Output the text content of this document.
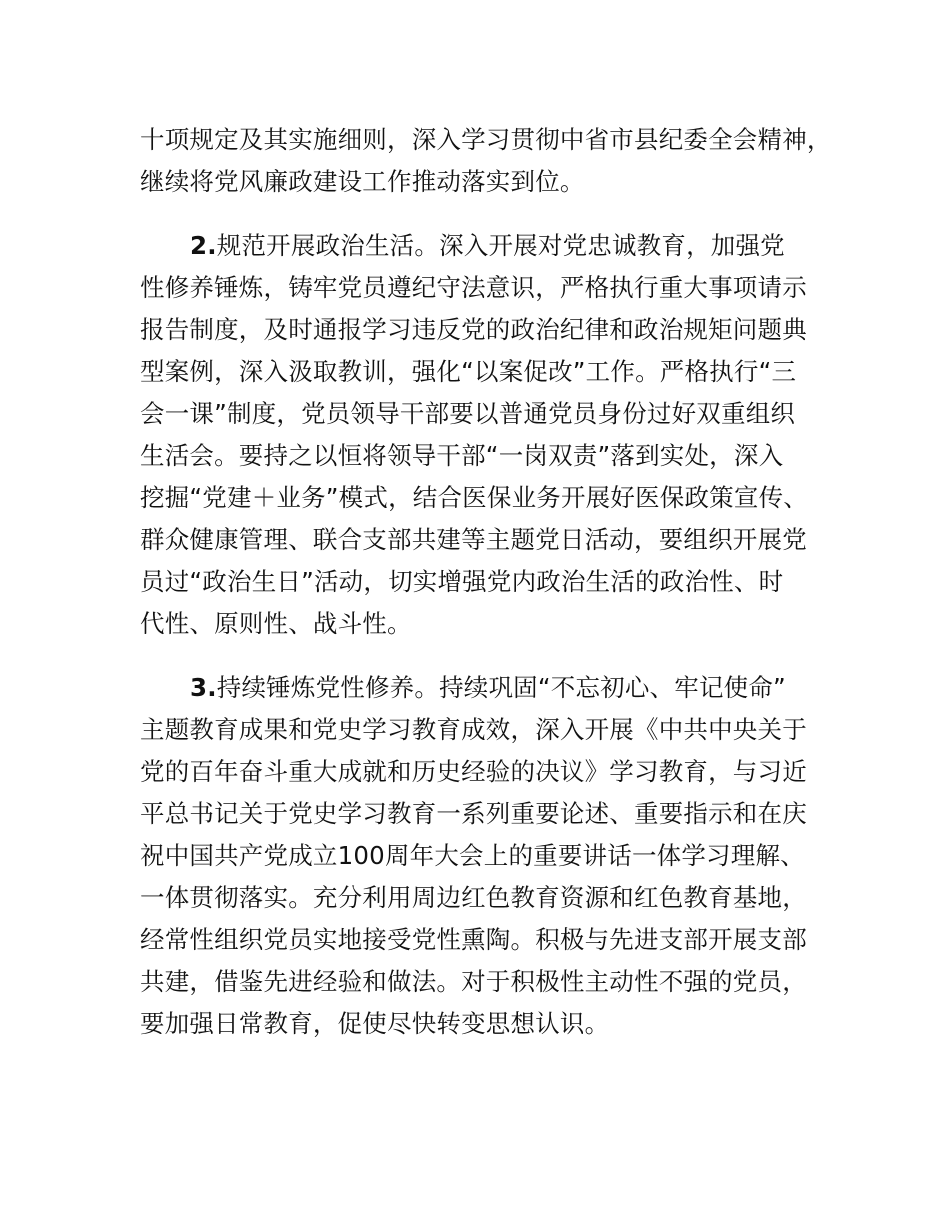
十项规定及其实施细则，深入学习贯彻中省市县纪委全会精神，
继续将党风廉政建设工作推动落实到位。
2.规范开展政治生活。深入开展对党忠诚教育，加强党
性修养锤炼，铸牢党员遵纪守法意识，严格执行重大事项请示
报告制度，及时通报学习违反党的政治纪律和政治规矩问题典
型案例，深入汲取教训，强化“以案促改”工作。严格执行“三
会一课”制度，党员领导干部要以普通党员身份过好双重组织
生活会。要持之以恒将领导干部“一岗双责”落到实处，深入
挖掘“党建＋业务”模式，结合医保业务开展好医保政策宣传、
群众健康管理、联合支部共建等主题党日活动，要组织开展党
员过“政治生日”活动，切实增强党内政治生活的政治性、时
代性、原则性、战斗性。
3.持续锤炼党性修养。持续巩固“不忘初心、牢记使命”
主题教育成果和党史学习教育成效，深入开展《中共中央关于
党的百年奋斗重大成就和历史经验的决议》学习教育，与习近
平总书记关于党史学习教育一系列重要论述、重要指示和在庆
祝中国共产党成立100周年大会上的重要讲话一体学习理解、
一体贯彻落实。充分利用周边红色教育资源和红色教育基地，
经常性组织党员实地接受党性熏陶。积极与先进支部开展支部
共建，借鉴先进经验和做法。对于积极性主动性不强的党员，
要加强日常教育，促使尽快转变思想认识。
